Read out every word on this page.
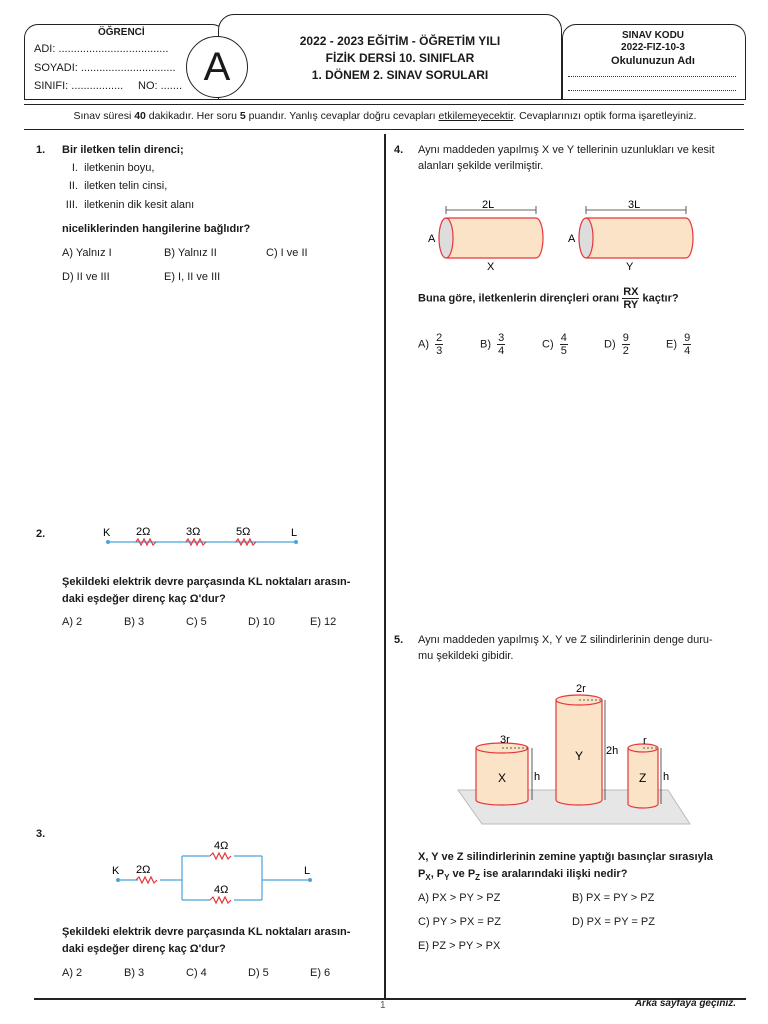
ÖĞRENCİ
ADI: ....................................
SOYADI: ...............................
SINIFI: ................. NO: ....... A
2022 - 2023 EĞİTİM - ÖĞRETİM YILI
FİZİK DERSİ 10. SINIFLAR
1. DÖNEM 2. SINAV SORULARI
SINAV KODU
2022-FIZ-10-3
Okulunuzun Adı
Sınav süresi 40 dakikadır. Her soru 5 puandır. Yanlış cevaplar doğru cevapları etkilemeyecektir. Cevaplarınızı optik forma işaretleyiniz.
1	Arka sayfaya geçiniz.
1. Bir iletken telin direnci;
I. iletkenin boyu,
II. iletken telin cinsi,
III. iletkenin dik kesit alanı
niceliklerinden hangilerine bağlıdır?
A) Yalnız I	B) Yalnız II	C) I ve II
D) II ve III	E) I, II ve III
2.	K	L
2Ω	3Ω	5Ω
Şekildeki elektrik devre parçasında KL noktaları arasın-
daki eşdeğer direnç kaç Ω'dur?
A) 2	B) 3	C) 5	D) 10	E) 12
3.
K	L
2Ω
4Ω
4Ω
Şekildeki elektrik devre parçasında KL noktaları arasın-
daki eşdeğer direnç kaç Ω'dur?
A) 2	B) 3	C) 4	D) 5	E) 6
4. Aynı maddeden yapılmış X ve Y tellerinin uzunlukları ve kesit
alanları şekilde verilmiştir.
2L
A
X
3L
A
Y
Buna göre, iletkenlerin dirençleri oranı $\frac{RX}{RY}$ kaçtır?
$A) \frac{2}{3}$	$B) \frac{3}{4}$	$C) \frac{4}{5}$	$D) \frac{9}{2}$	$E) \frac{9}{4}$
5. Aynı maddeden yapılmış X, Y ve Z silindirlerinin denge duru-
mu şekildeki gibidir.
3r
h
X
2r
2h
Y
r
h
Z
X, Y ve Z silindirlerinin zemine yaptığı basınçlar sırasıyla
$P_X$, $P_Y$ ve $P_Z$ ise aralarındaki ilişki nedir?
A) PX > PY > PZ	B) PX = PY > PZ
C) PY > PX = PZ	D) PX = PY = PZ
E) PZ > PY > PX
